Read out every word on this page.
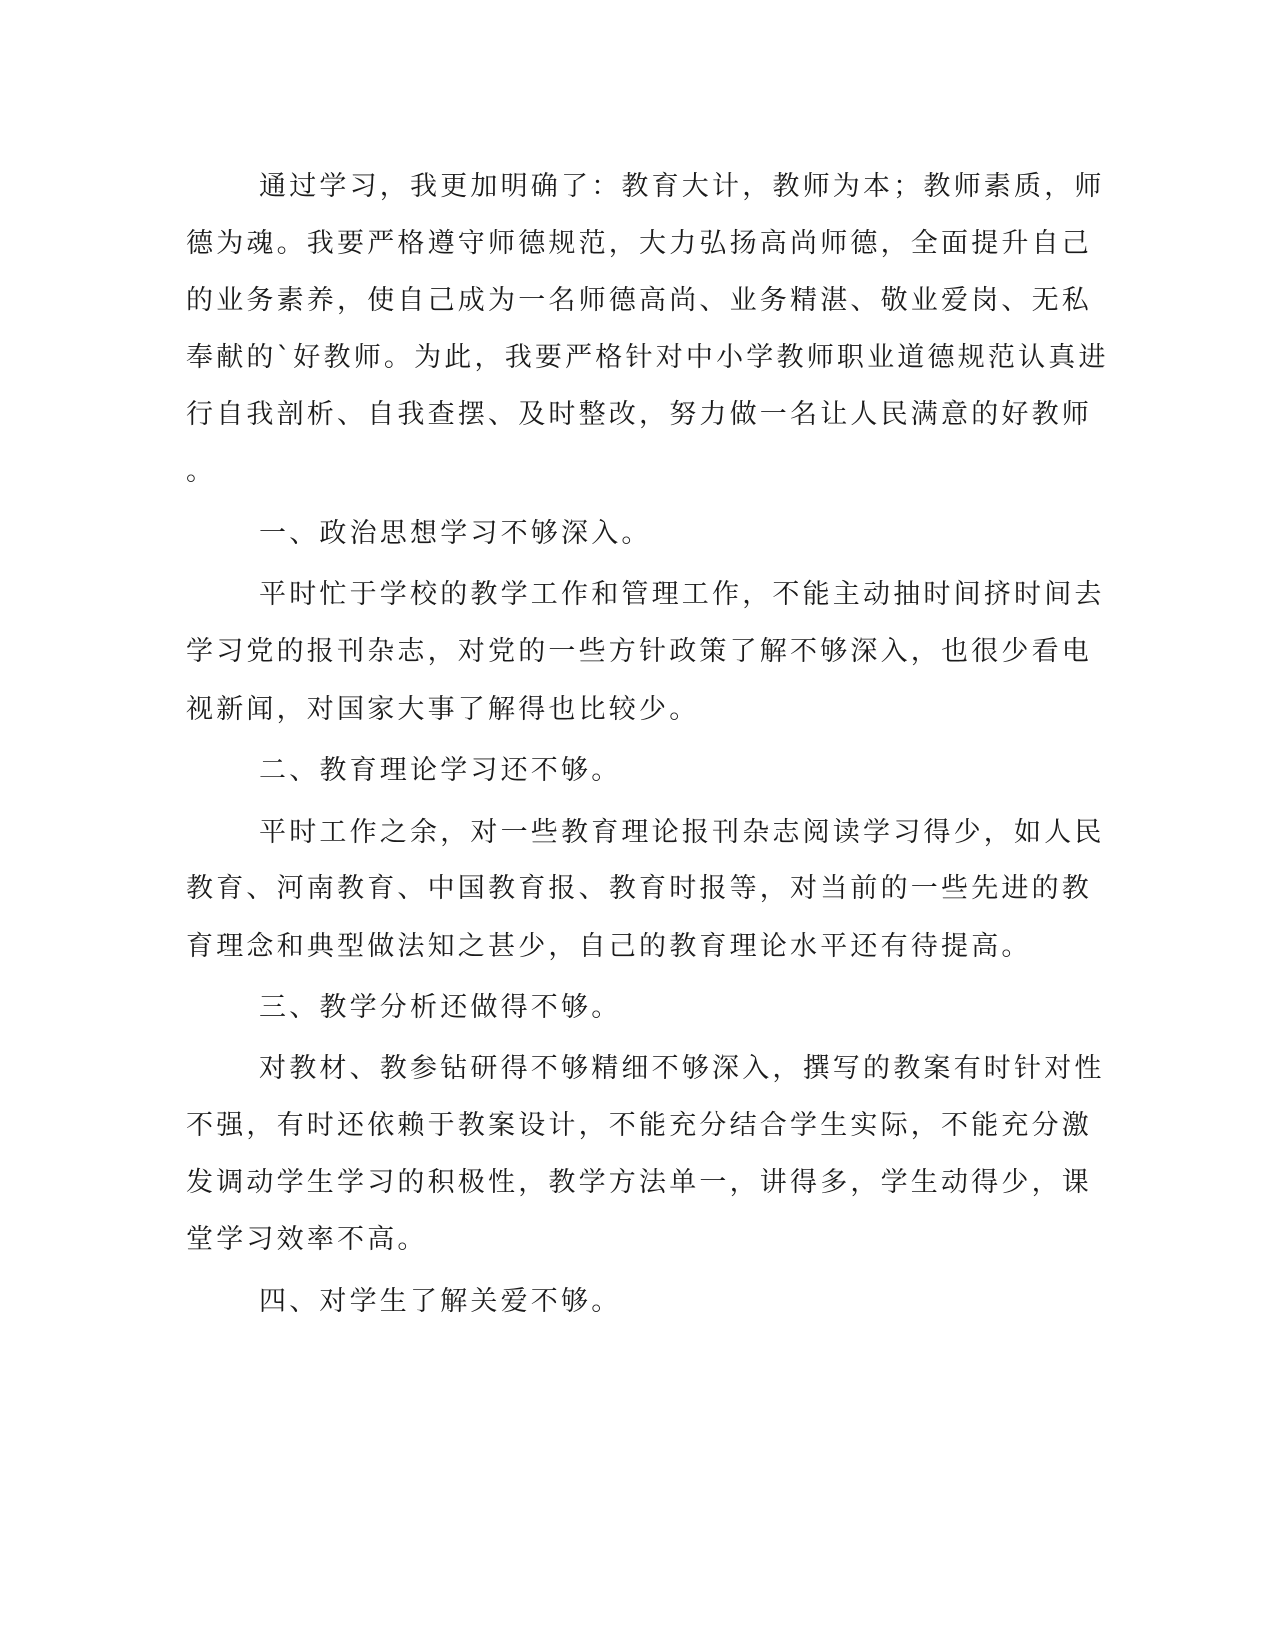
通过学习，我更加明确了：教育大计，教师为本；教师素质，师
德为魂。我要严格遵守师德规范，大力弘扬高尚师德，全面提升自己
的业务素养，使自己成为一名师德高尚、业务精湛、敬业爱岗、无私
奉献的`好教师。为此，我要严格针对中小学教师职业道德规范认真进
行自我剖析、自我查摆、及时整改，努力做一名让人民满意的好教师
。
一、政治思想学习不够深入。
平时忙于学校的教学工作和管理工作，不能主动抽时间挤时间去
学习党的报刊杂志，对党的一些方针政策了解不够深入，也很少看电
视新闻，对国家大事了解得也比较少。
二、教育理论学习还不够。
平时工作之余，对一些教育理论报刊杂志阅读学习得少，如人民
教育、河南教育、中国教育报、教育时报等，对当前的一些先进的教
育理念和典型做法知之甚少，自己的教育理论水平还有待提高。
三、教学分析还做得不够。
对教材、教参钻研得不够精细不够深入，撰写的教案有时针对性
不强，有时还依赖于教案设计，不能充分结合学生实际，不能充分激
发调动学生学习的积极性，教学方法单一，讲得多，学生动得少，课
堂学习效率不高。
四、对学生了解关爱不够。
